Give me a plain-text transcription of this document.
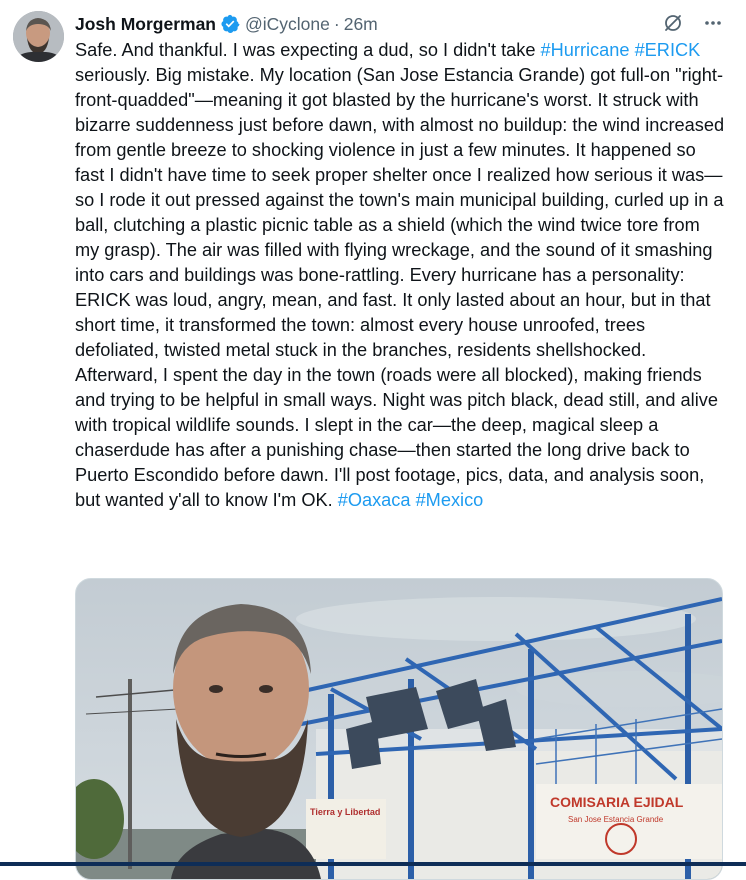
Josh Morgerman @iCyclone · 26m
Safe. And thankful. I was expecting a dud, so I didn't take #Hurricane #ERICK seriously. Big mistake. My location (San Jose Estancia Grande) got full-on "right-front-quadded"—meaning it got blasted by the hurricane's worst. It struck with bizarre suddenness just before dawn, with almost no buildup: the wind increased from gentle breeze to shocking violence in just a few minutes. It happened so fast I didn't have time to seek proper shelter once I realized how serious it was—so I rode it out pressed against the town's main municipal building, curled up in a ball, clutching a plastic picnic table as a shield (which the wind twice tore from my grasp). The air was filled with flying wreckage, and the sound of it smashing into cars and buildings was bone-rattling. Every hurricane has a personality: ERICK was loud, angry, mean, and fast. It only lasted about an hour, but in that short time, it transformed the town: almost every house unroofed, trees defoliated, twisted metal stuck in the branches, residents shellshocked. Afterward, I spent the day in the town (roads were all blocked), making friends and trying to be helpful in small ways. Night was pitch black, dead still, and alive with tropical wildlife sounds. I slept in the car—the deep, magical sleep a chaserdude has after a punishing chase—then started the long drive back to Puerto Escondido before dawn. I'll post footage, pics, data, and analysis soon, but wanted y'all to know I'm OK. #Oaxaca #Mexico
COMISARIA EJIDAL
San Jose Estancia Grande
Tierra y Libertad
